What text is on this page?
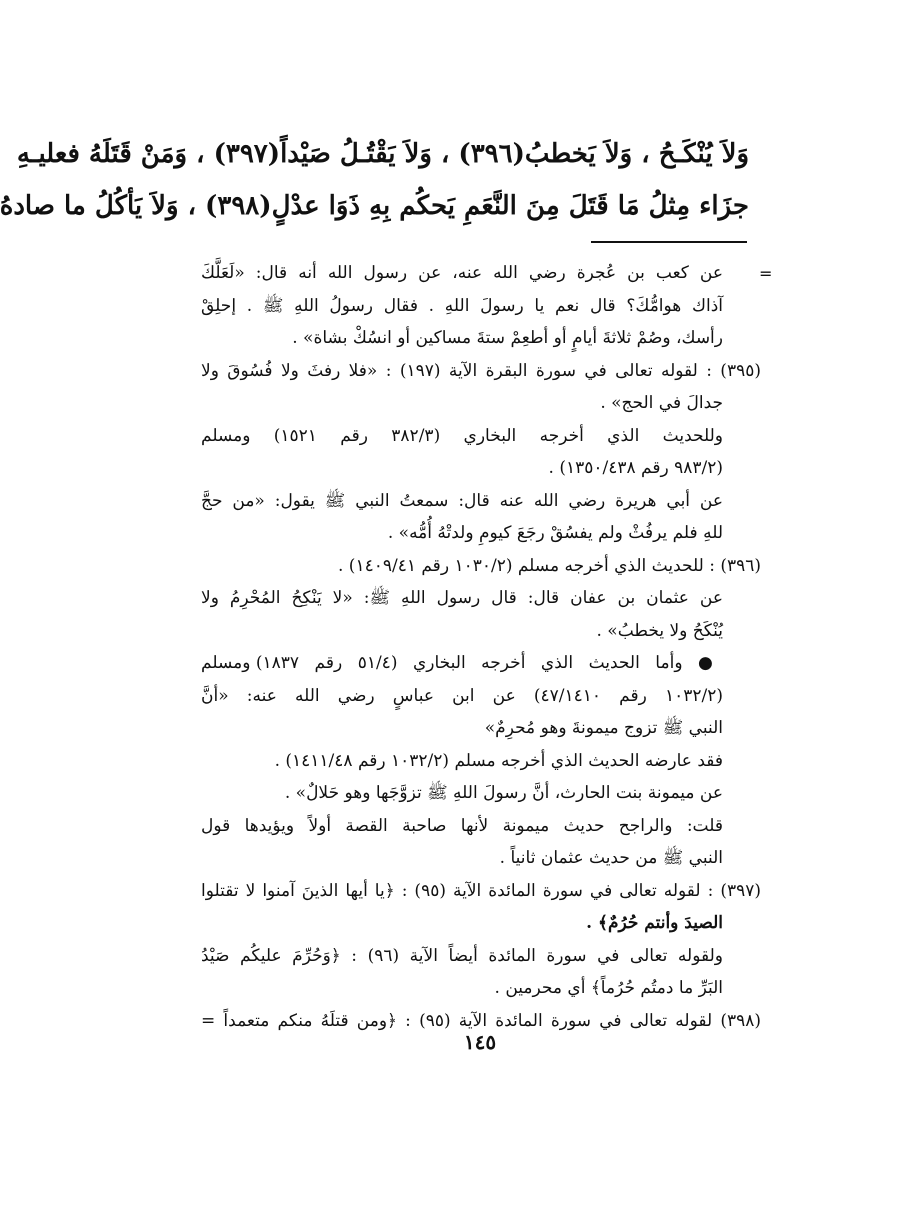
وَلاَ يُنْكَـحُ ، وَلاَ يَخطبُ(٣٩٦) ، وَلاَ يَقْتُـلُ صَيْداً(٣٩٧) ، وَمَنْ قَتَلَهُ فعليـهِ
جزَاء مِثلُ مَا قَتَلَ مِنَ النَّعَمِ يَحكُم بِهِ ذَوَا عدْلٍ(٣٩٨) ، وَلاَ يَأكُلُ ما صادهُ
=
عن كعب بن عُجرة رضي الله عنه، عن رسول الله أنه قال: «لَعَلَّكَ
آذاك هوامُّكَ؟ قال نعم يا رسولَ اللهِ . فقال رسولُ اللهِ ﷺ . إحلِقْ
رأسك، وصُمْ ثلاثةَ أيامٍ أو أطعِمْ ستةَ مساكين أو انسُكْ بشاة» .
(٣٩٥) : لقوله تعالى في سورة البقرة الآية (١٩٧) : «فلا رفثَ ولا فُسُوقَ ولا
جدالَ في الحج» .
وللحديث الذي أخرجه البخاري (٣٨٢/٣ رقم ١٥٢١) ومسلم
(٩٨٣/٢ رقم ١٣٥٠/٤٣٨) .
عن أبي هريرة رضي الله عنه قال: سمعتُ النبي ﷺ يقول: «من حجَّ
للهِ فلم يرفُثْ ولم يفسُقْ رجَعَ كيومِ ولدتْهُ أُمُّه» .
(٣٩٦) : للحديث الذي أخرجه مسلم (١٠٣٠/٢ رقم ١٤٠٩/٤١) .
عن عثمان بن عفان قال: قال رسول اللهِ ﷺ: «لا يَنْكِحُ المُحْرِمُ ولا
يُنْكَحُ ولا يخطبُ» .
● وأما الحديث الذي أخرجه البخاري (٥١/٤ رقم ١٨٣٧) ومسلم
(١٠٣٢/٢ رقم ٤٧/١٤١٠) عن ابن عباسٍ رضي الله عنه: «أنَّ
النبي ﷺ تزوج ميمونةَ وهو مُحرِمٌ»
فقد عارضه الحديث الذي أخرجه مسلم (١٠٣٢/٢ رقم ١٤١١/٤٨) .
عن ميمونة بنت الحارث، أنَّ رسولَ اللهِ ﷺ تزوَّجَها وهو حَلالٌ» .
قلت: والراجح حديث ميمونة لأنها صاحبة القصة أولاً ويؤيدها قول
النبي ﷺ من حديث عثمان ثانياً .
(٣٩٧) : لقوله تعالى في سورة المائدة الآية (٩٥) : ﴿يا أيها الذينَ آمنوا لا تقتلوا
الصيدَ وأنتم حُرُمٌ﴾ .
ولقوله تعالى في سورة المائدة أيضاً الآية (٩٦) : ﴿وَحُرِّمَ عليكُم صَيْدُ
البَرِّ ما دمتُم حُرُماً﴾ أي محرمين .
(٣٩٨) لقوله تعالى في سورة المائدة الآية (٩٥) : ﴿ومن قتلَهُ منكم متعمداً =
١٤٥
